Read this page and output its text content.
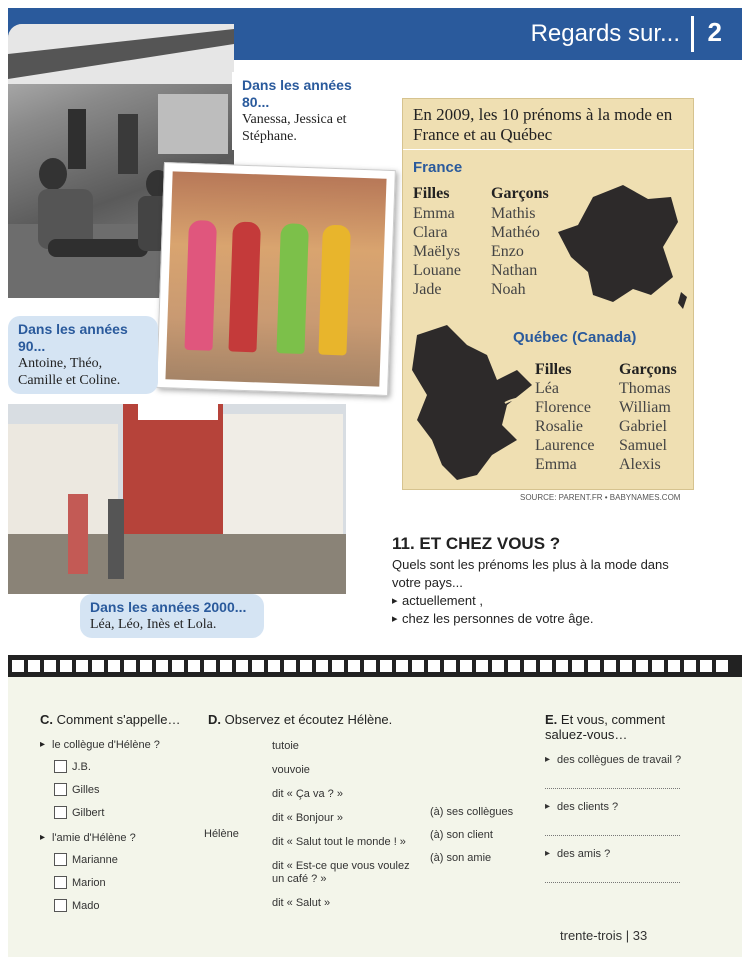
Regards sur... 2
Dans les années 80...
Vanessa, Jessica et Stéphane.
Dans les années 90...
Antoine, Théo, Camille et Coline.
Dans les années 2000...
Léa, Léo, Inès et Lola.
En 2009, les 10 prénoms à la mode en France et au Québec
France
Filles	Garçons
Emma
Clara
Maëlys
Louane
Jade
Mathis
Mathéo
Enzo
Nathan
Noah
Québec (Canada)
Filles	Garçons
Léa
Florence
Rosalie
Laurence
Emma
Thomas
William
Gabriel
Samuel
Alexis
SOURCE: PARENT.FR • BABYNAMES.COM
11. ET CHEZ VOUS ?
Quels sont les prénoms les plus à la mode dans votre pays...
▸ actuellement ,
▸ chez les personnes de votre âge.
C. Comment s'appelle…
▸ le collègue d'Hélène ?
J.B.
Gilles
Gilbert
▸ l'amie d'Hélène ?
Marianne
Marion
Mado
D. Observez et écoutez Hélène.
Hélène
tutoie
vouvoie
dit « Ça va ? »
dit « Bonjour »
dit « Salut tout le monde ! »
dit « Est-ce que vous voulez un café ? »
dit « Salut »
(à) ses collègues
(à) son client
(à) son amie
E. Et vous, comment saluez-vous…
▸ des collègues de travail ?
▸ des clients ?
▸ des amis ?
trente-trois | 33
